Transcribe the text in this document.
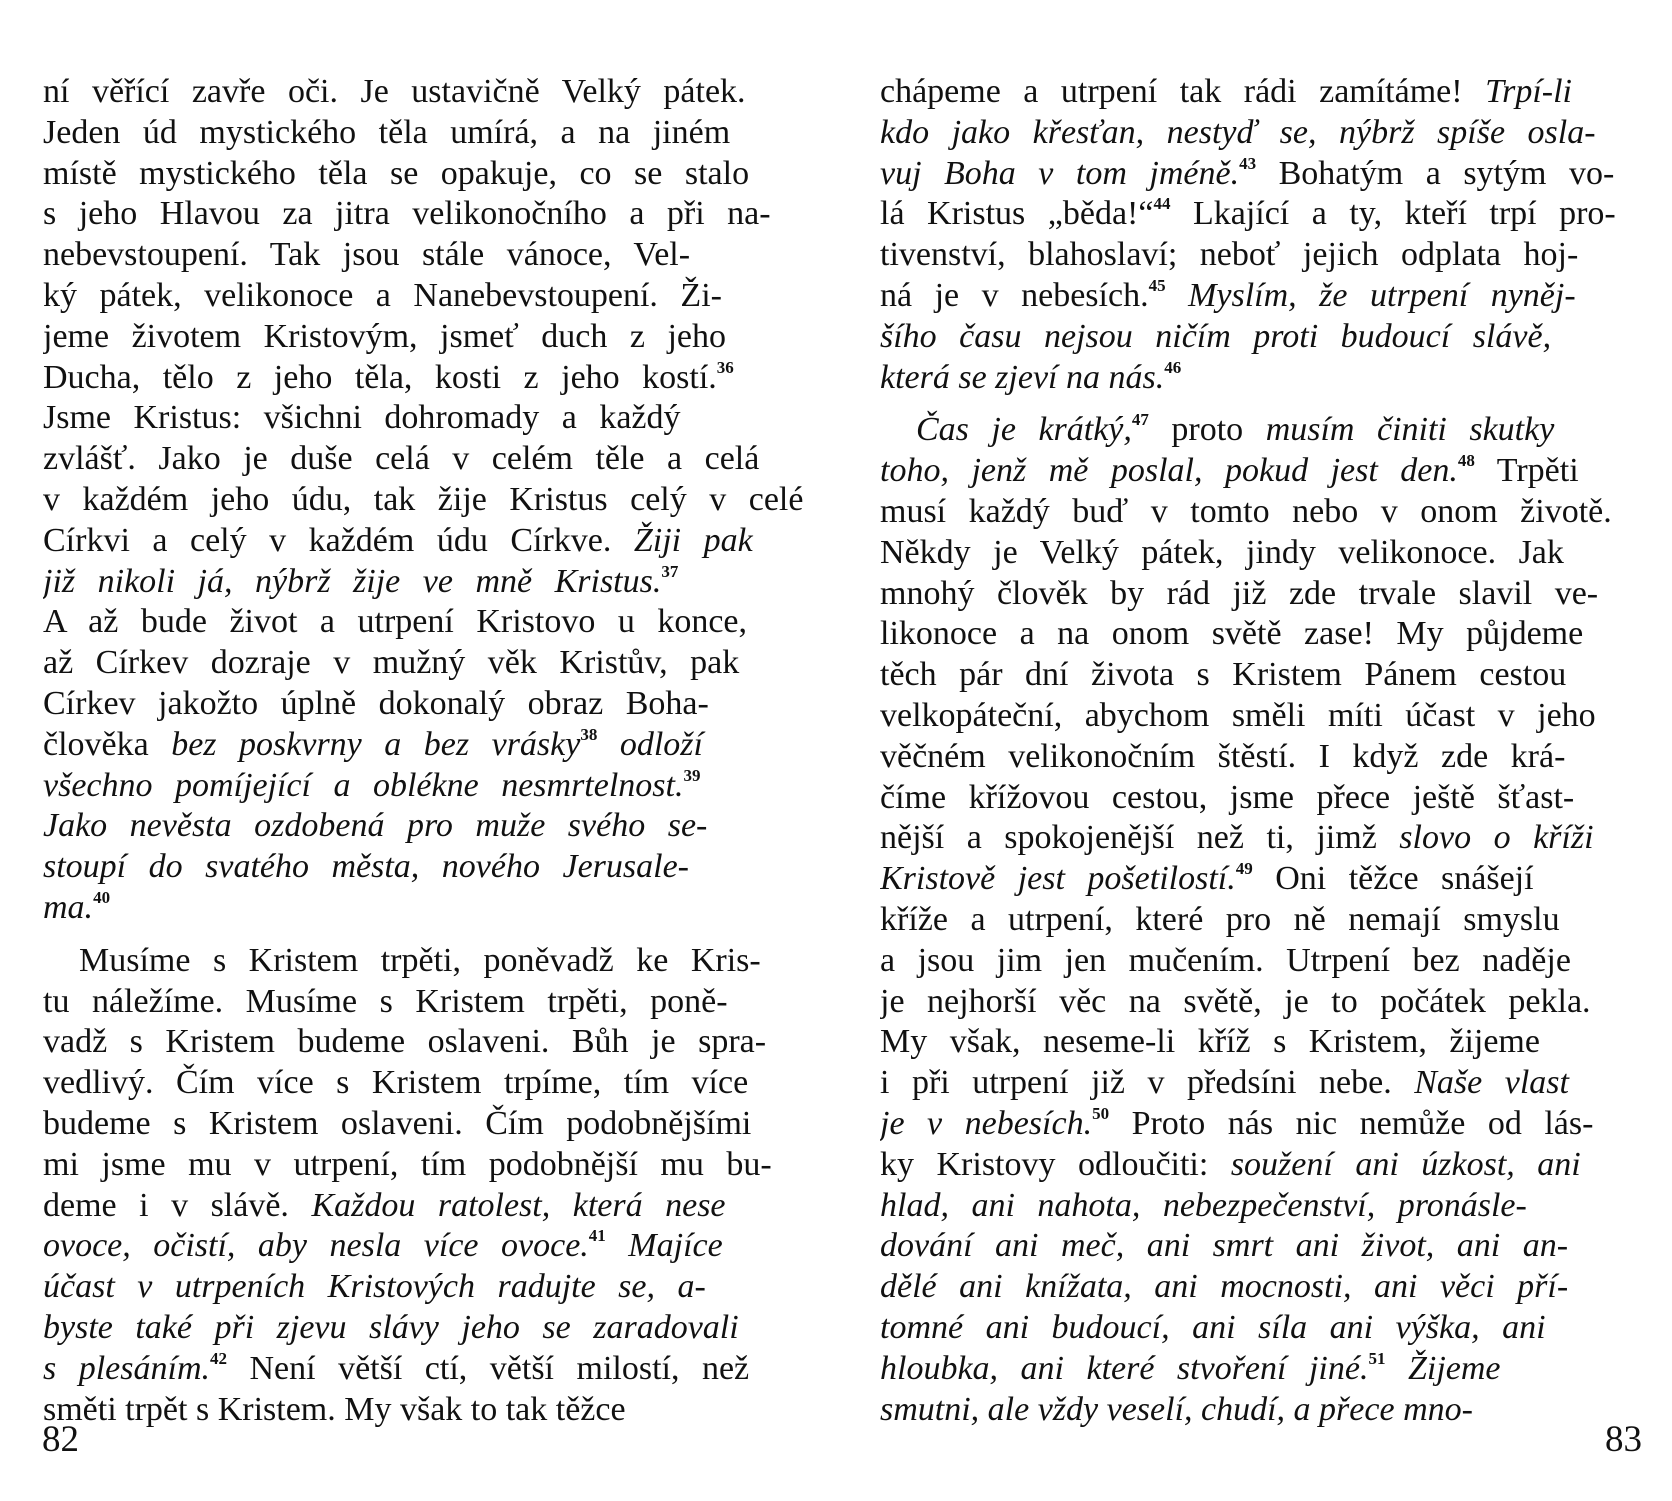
ní věřící zavře oči. Je ustavičně Velký pátek.
Jeden úd mystického těla umírá, a na jiném
místě mystického těla se opakuje, co se stalo
s jeho Hlavou za jitra velikonočního a při na-
nebevstoupení. Tak jsou stále vánoce, Vel-
ký pátek, velikonoce a Nanebevstoupení. Ži-
jeme životem Kristovým, jsmeť duch z jeho
Ducha, tělo z jeho těla, kosti z jeho kostí.$^{36}$
Jsme Kristus: všichni dohromady a každý
zvlášť. Jako je duše celá v celém těle a celá
v každém jeho údu, tak žije Kristus celý v celé
Církvi a celý v každém údu Církve. Žiji pak
již nikoli já, nýbrž žije ve mně Kristus.$^{37}$
A až bude život a utrpení Kristovo u konce,
až Církev dozraje v mužný věk Kristův, pak
Církev jakožto úplně dokonalý obraz Boha-
člověka bez poskvrny a bez vrásky$^{38}$ odloží
všechno pomíjející a oblékne nesmrtelnost.$^{39}$
Jako nevěsta ozdobená pro muže svého se-
stoupí do svatého města, nového Jerusale-
ma.$^{40}$
Musíme s Kristem trpěti, poněvadž ke Kris-
tu náležíme. Musíme s Kristem trpěti, poně-
vadž s Kristem budeme oslaveni. Bůh je spra-
vedlivý. Čím více s Kristem trpíme, tím více
budeme s Kristem oslaveni. Čím podobnějšími
mi jsme mu v utrpení, tím podobnější mu bu-
deme i v slávě. Každou ratolest, která nese
ovoce, očistí, aby nesla více ovoce.$^{41}$ Majíce
účast v utrpeních Kristových radujte se, a-
byste také při zjevu slávy jeho se zaradovali
s plesáním.$^{42}$ Není větší ctí, větší milostí, než
směti trpět s Kristem. My však to tak těžce
82
chápeme a utrpení tak rádi zamítáme! Trpí-li
kdo jako křesťan, nestyď se, nýbrž spíše osla-
vuj Boha v tom jméně.$^{43}$ Bohatým a sytým vo-
lá Kristus „běda!“$^{44}$ Lkající a ty, kteří trpí pro-
tivenství, blahoslaví; neboť jejich odplata hoj-
ná je v nebesích.$^{45}$ Myslím, že utrpení nyněj-
šího času nejsou ničím proti budoucí slávě,
která se zjeví na nás.$^{46}$
Čas je krátký,$^{47}$ proto musím činiti skutky
toho, jenž mě poslal, pokud jest den.$^{48}$ Trpěti
musí každý buď v tomto nebo v onom životě.
Někdy je Velký pátek, jindy velikonoce. Jak
mnohý člověk by rád již zde trvale slavil ve-
likonoce a na onom světě zase! My půjdeme
těch pár dní života s Kristem Pánem cestou
velkopáteční, abychom směli míti účast v jeho
věčném velikonočním štěstí. I když zde krá-
číme křížovou cestou, jsme přece ještě šťast-
nější a spokojenější než ti, jimž slovo o kříži
Kristově jest pošetilostí.$^{49}$ Oni těžce snášejí
kříže a utrpení, které pro ně nemají smyslu
a jsou jim jen mučením. Utrpení bez naděje
je nejhorší věc na světě, je to počátek pekla.
My však, neseme-li kříž s Kristem, žijeme
i při utrpení již v předsíni nebe. Naše vlast
je v nebesích.$^{50}$ Proto nás nic nemůže od lás-
ky Kristovy odloučiti: soužení ani úzkost, ani
hlad, ani nahota, nebezpečenství, pronásle-
dování ani meč, ani smrt ani život, ani an-
dělé ani knížata, ani mocnosti, ani věci pří-
tomné ani budoucí, ani síla ani výška, ani
hloubka, ani které stvoření jiné.$^{51}$ Žijeme
smutni, ale vždy veselí, chudí, a přece mno-
83
